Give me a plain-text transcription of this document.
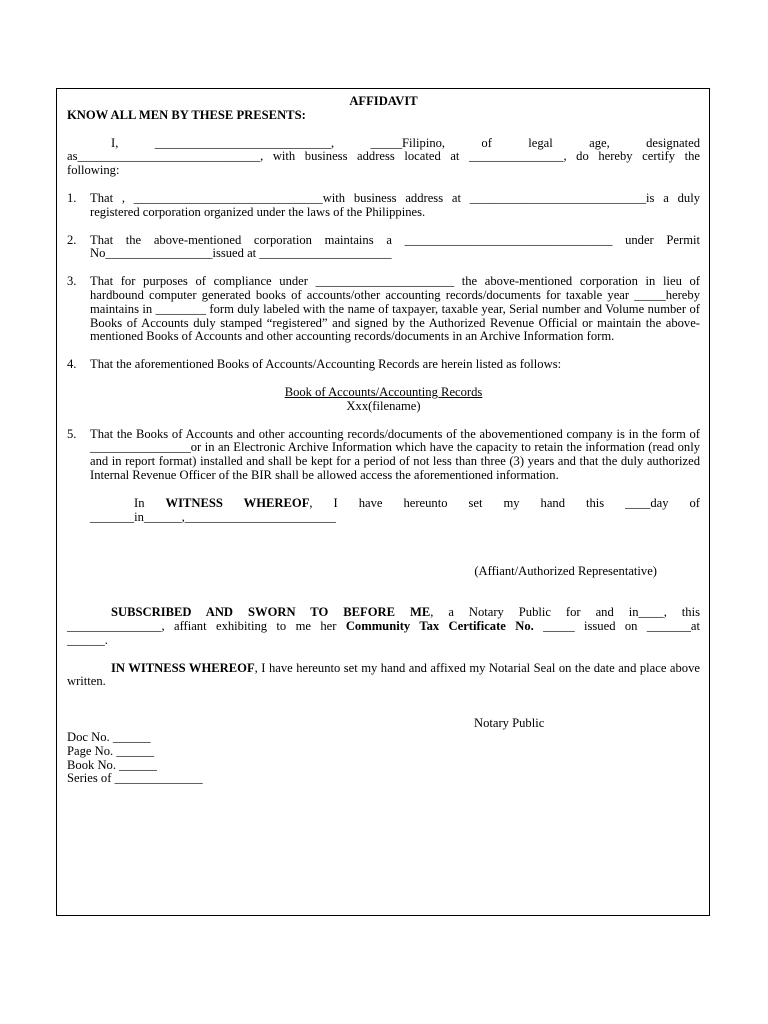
AFFIDAVIT

KNOW ALL MEN BY THESE PRESENTS:

I, ____________________________, _____Filipino, of legal age, designated

as_____________________________, with business address located at _______________, do hereby certify the

following:

1. That , ______________________________with business address at ____________________________is a duly registered corporation organized under the laws of the Philippines.
2. That the above-mentioned corporation maintains a _________________________________ under Permit

No_________________issued at _____________________

3. That for purposes of compliance under ______________________ the above-mentioned corporation in lieu of hardbound computer generated books of accounts/other accounting records/documents for taxable year _____hereby maintains in ________ form duly labeled with the name of taxpayer, taxable year, Serial number and Volume number of Books of Accounts duly stamped “registered” and signed by the Authorized Revenue Official or maintain the above-mentioned Books of Accounts and other accounting records/documents in an Archive Information form.
4. That the aforementioned Books of Accounts/Accounting Records are herein listed as follows:

Book of Accounts/Accounting Records

Xxx(filename)

5. That the Books of Accounts and other accounting records/documents of the abovementioned company is in the form of ________________or in an Electronic Archive Information which have the capacity to retain the information (read only and in report format) installed and shall be kept for a period of not less than three (3) years and that the duly authorized Internal Revenue Officer of the BIR shall be allowed access the aforementioned information.

In WITNESS WHEREOF, I have hereunto set my hand this ____day of

_______in______,________________________

(Affiant/Authorized Representative)

SUBSCRIBED AND SWORN TO BEFORE ME, a Notary Public for and in____, this

_______________, affiant exhibiting to me her Community Tax Certificate No. _____ issued on _______at

______.

IN WITNESS WHEREOF, I have hereunto set my hand and affixed my Notarial Seal on the date and place above written.

Notary Public

Doc No. ______

Page No. ______

Book No. ______

Series of ______________
